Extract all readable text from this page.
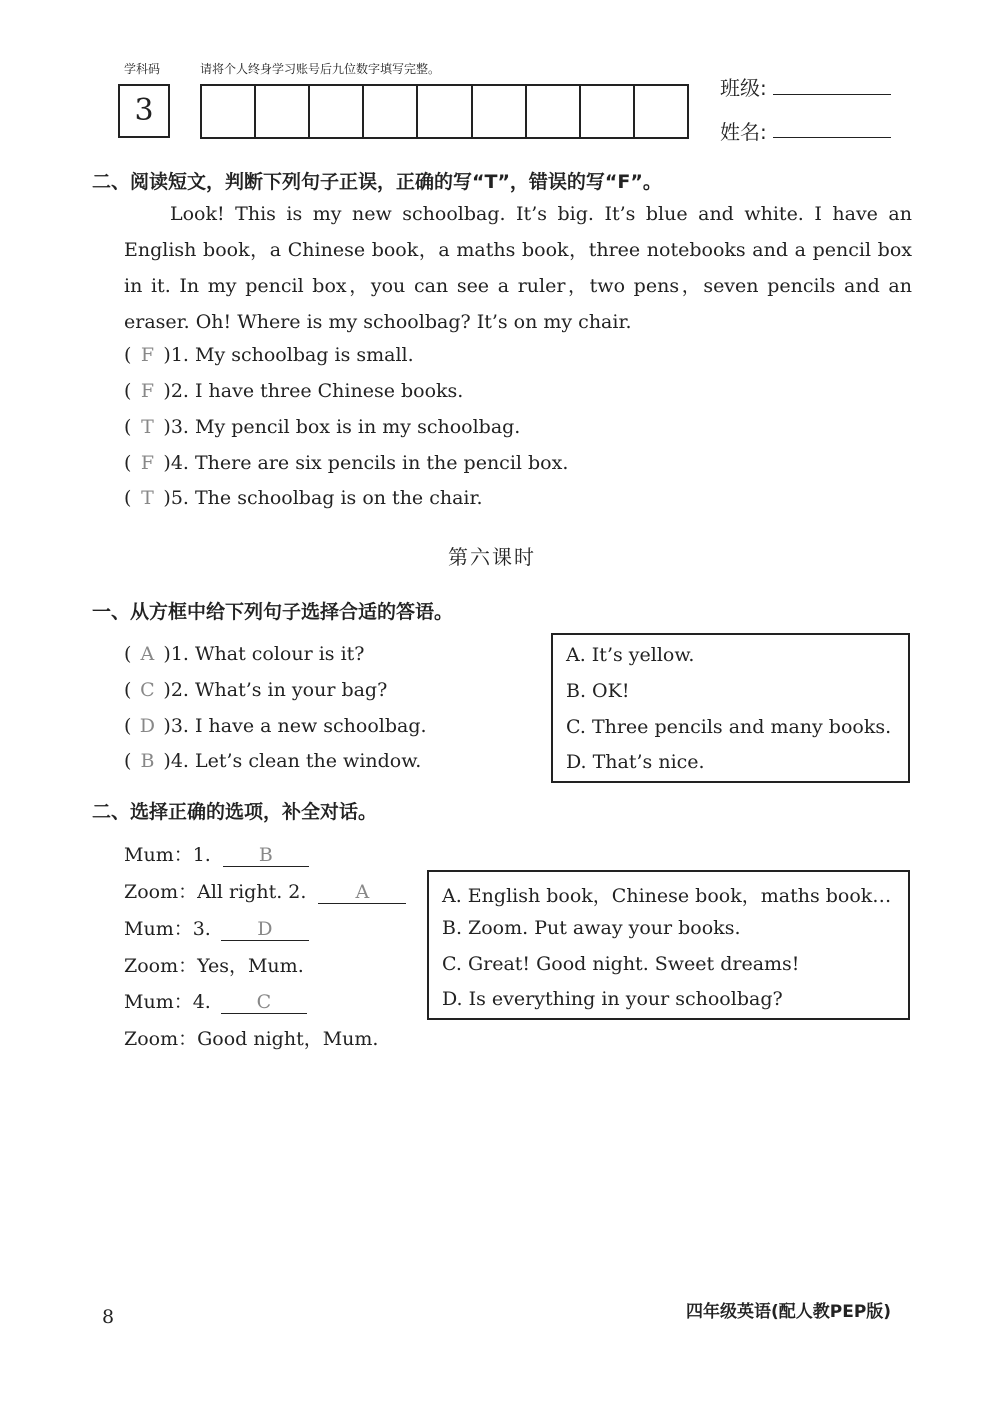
学科码	请将个人终身学习账号后九位数字填写完整。
3
班级:
姓名:
二、阅读短文，判断下列句子正误，正确的写“T”，错误的写“F”。
Look! This is my new schoolbag. It’s big. It’s blue and white. I have an English book，a Chinese book，a maths book，three notebooks and a pencil box in it. In my pencil box，you can see a ruler，two pens，seven pencils and an eraser. Oh! Where is my schoolbag? It’s on my chair.
( F )1. My schoolbag is small.
( F )2. I have three Chinese books.
( T )3. My pencil box is in my schoolbag.
( F )4. There are six pencils in the pencil box.
( T )5. The schoolbag is on the chair.
第六课时
一、从方框中给下列句子选择合适的答语。
( A )1. What colour is it?
( C )2. What’s in your bag?
( D )3. I have a new schoolbag.
( B )4. Let’s clean the window.
A. It’s yellow.
B. OK!
C. Three pencils and many books.
D. That’s nice.
二、选择正确的选项，补全对话。
Mum：1.	B
Zoom：All right. 2.	A
Mum：3. D
Zoom：Yes，Mum.
Mum：4. C
Zoom：Good night，Mum.
A. English book，Chinese book，maths book…
B. Zoom. Put away your books.
C. Great! Good night. Sweet dreams!
D. Is everything in your schoolbag?
8	四年级英语(配人教PEP版)
